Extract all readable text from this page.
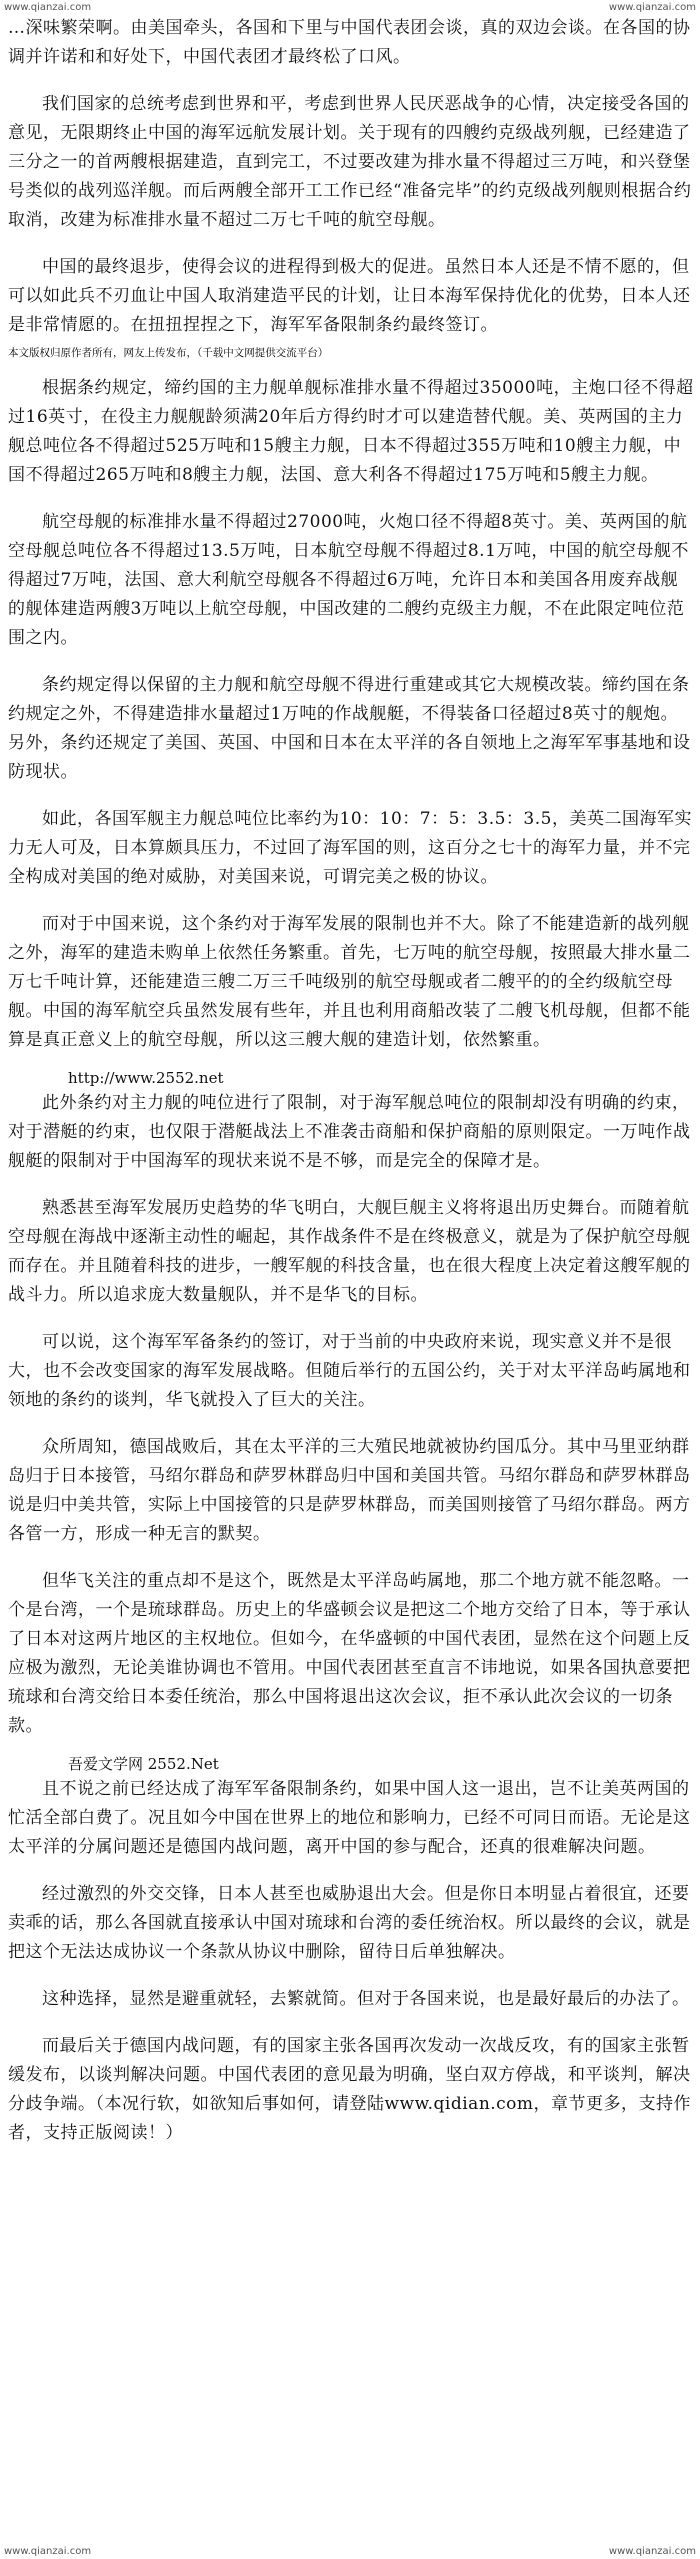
www.qianzai.com	www.qianzai.com

…深味繁荣啊。由美国牵头，各国和下里与中国代表团会谈，真的双边会谈。在各国的协调并许诺和和好处下，中国代表团才最终松了口风。

我们国家的总统考虑到世界和平，考虑到世界人民厌恶战争的心情，决定接受各国的意见，无限期终止中国的海军远航发展计划。关于现有的四艘约克级战列舰，已经建造了三分之一的首两艘根据建造，直到完工，不过要改建为排水量不得超过三万吨，和兴登堡号类似的战列巡洋舰。而后两艘全部开工工作已经“准备完毕”的约克级战列舰则根据合约取消，改建为标准排水量不超过二万七千吨的航空母舰。

中国的最终退步，使得会议的进程得到极大的促进。虽然日本人还是不情不愿的，但可以如此兵不刃血让中国人取消建造平民的计划，让日本海军保持优化的优势，日本人还是非常情愿的。在扭扭捏捏之下，海军军备限制条约最终签订。

本文版权归原作者所有，网友上传发布，（千载中文网提供交流平台）

根据条约规定，缔约国的主力舰单舰标准排水量不得超过35000吨，主炮口径不得超过16英寸，在役主力舰舰龄须满20年后方得约时才可以建造替代舰。美、英两国的主力舰总吨位各不得超过525万吨和15艘主力舰，日本不得超过355万吨和10艘主力舰，中国不得超过265万吨和8艘主力舰，法国、意大利各不得超过175万吨和5艘主力舰。

航空母舰的标准排水量不得超过27000吨，火炮口径不得超8英寸。美、英两国的航空母舰总吨位各不得超过13.5万吨，日本航空母舰不得超过8.1万吨，中国的航空母舰不得超过7万吨，法国、意大利航空母舰各不得超过6万吨，允许日本和美国各用废弃战舰的舰体建造两艘3万吨以上航空母舰，中国改建的二艘约克级主力舰，不在此限定吨位范围之内。

条约规定得以保留的主力舰和航空母舰不得进行重建或其它大规模改装。缔约国在条约规定之外，不得建造排水量超过1万吨的作战舰艇，不得装备口径超过8英寸的舰炮。另外，条约还规定了美国、英国、中国和日本在太平洋的各自领地上之海军军事基地和设防现状。

如此，各国军舰主力舰总吨位比率约为10：10：7：5：3.5：3.5，美英二国海军实力无人可及，日本算颇具压力，不过回了海军国的则，这百分之七十的海军力量，并不完全构成对美国的绝对威胁，对美国来说，可谓完美之极的协议。

而对于中国来说，这个条约对于海军发展的限制也并不大。除了不能建造新的战列舰之外，海军的建造未购单上依然任务繁重。首先，七万吨的航空母舰，按照最大排水量二万七千吨计算，还能建造三艘二万三千吨级别的航空母舰或者二艘平的的全约级航空母舰。中国的海军航空兵虽然发展有些年，并且也利用商船改装了二艘飞机母舰，但都不能算是真正意义上的航空母舰，所以这三艘大舰的建造计划，依然繁重。

http://www.2552.net

此外条约对主力舰的吨位进行了限制，对于海军舰总吨位的限制却没有明确的约束，对于潜艇的约束，也仅限于潜艇战法上不准袭击商船和保护商船的原则限定。一万吨作战舰艇的限制对于中国海军的现状来说不是不够，而是完全的保障才是。

熟悉甚至海军发展历史趋势的华飞明白，大舰巨舰主义将将退出历史舞台。而随着航空母舰在海战中逐渐主动性的崛起，其作战条件不是在终极意义，就是为了保护航空母舰而存在。并且随着科技的进步，一艘军舰的科技含量，也在很大程度上决定着这艘军舰的战斗力。所以追求庞大数量舰队，并不是华飞的目标。

可以说，这个海军军备条约的签订，对于当前的中央政府来说，现实意义并不是很大，也不会改变国家的海军发展战略。但随后举行的五国公约，关于对太平洋岛屿属地和领地的条约的谈判，华飞就投入了巨大的关注。

众所周知，德国战败后，其在太平洋的三大殖民地就被协约国瓜分。其中马里亚纳群岛归于日本接管，马绍尔群岛和萨罗林群岛归中国和美国共管。马绍尔群岛和萨罗林群岛说是归中美共管，实际上中国接管的只是萨罗林群岛，而美国则接管了马绍尔群岛。两方各管一方，形成一种无言的默契。

但华飞关注的重点却不是这个，既然是太平洋岛屿属地，那二个地方就不能忽略。一个是台湾，一个是琉球群岛。历史上的华盛顿会议是把这二个地方交给了日本，等于承认了日本对这两片地区的主权地位。但如今，在华盛顿的中国代表团，显然在这个问题上反应极为激烈，无论美谁协调也不管用。中国代表团甚至直言不讳地说，如果各国执意要把琉球和台湾交给日本委任统治，那么中国将退出这次会议，拒不承认此次会议的一切条款。

吾爱文学网 2552.Net

且不说之前已经达成了海军军备限制条约，如果中国人这一退出，岂不让美英两国的忙活全部白费了。况且如今中国在世界上的地位和影响力，已经不可同日而语。无论是这太平洋的分属问题还是德国内战问题，离开中国的参与配合，还真的很难解决问题。

经过激烈的外交交锋，日本人甚至也威胁退出大会。但是你日本明显占着很宜，还要卖乖的话，那么各国就直接承认中国对琉球和台湾的委任统治权。所以最终的会议，就是把这个无法达成协议一个条款从协议中删除，留待日后单独解决。

这种选择，显然是避重就轻，去繁就简。但对于各国来说，也是最好最后的办法了。

而最后关于德国内战问题，有的国家主张各国再次发动一次战反攻，有的国家主张暂缓发布，以谈判解决问题。中国代表团的意见最为明确，坚白双方停战，和平谈判，解决分歧争端。（本况行软，如欲知后事如何，请登陆www.qidian.com，章节更多，支持作者，支持正版阅读！）

www.qianzai.com	www.qianzai.com
